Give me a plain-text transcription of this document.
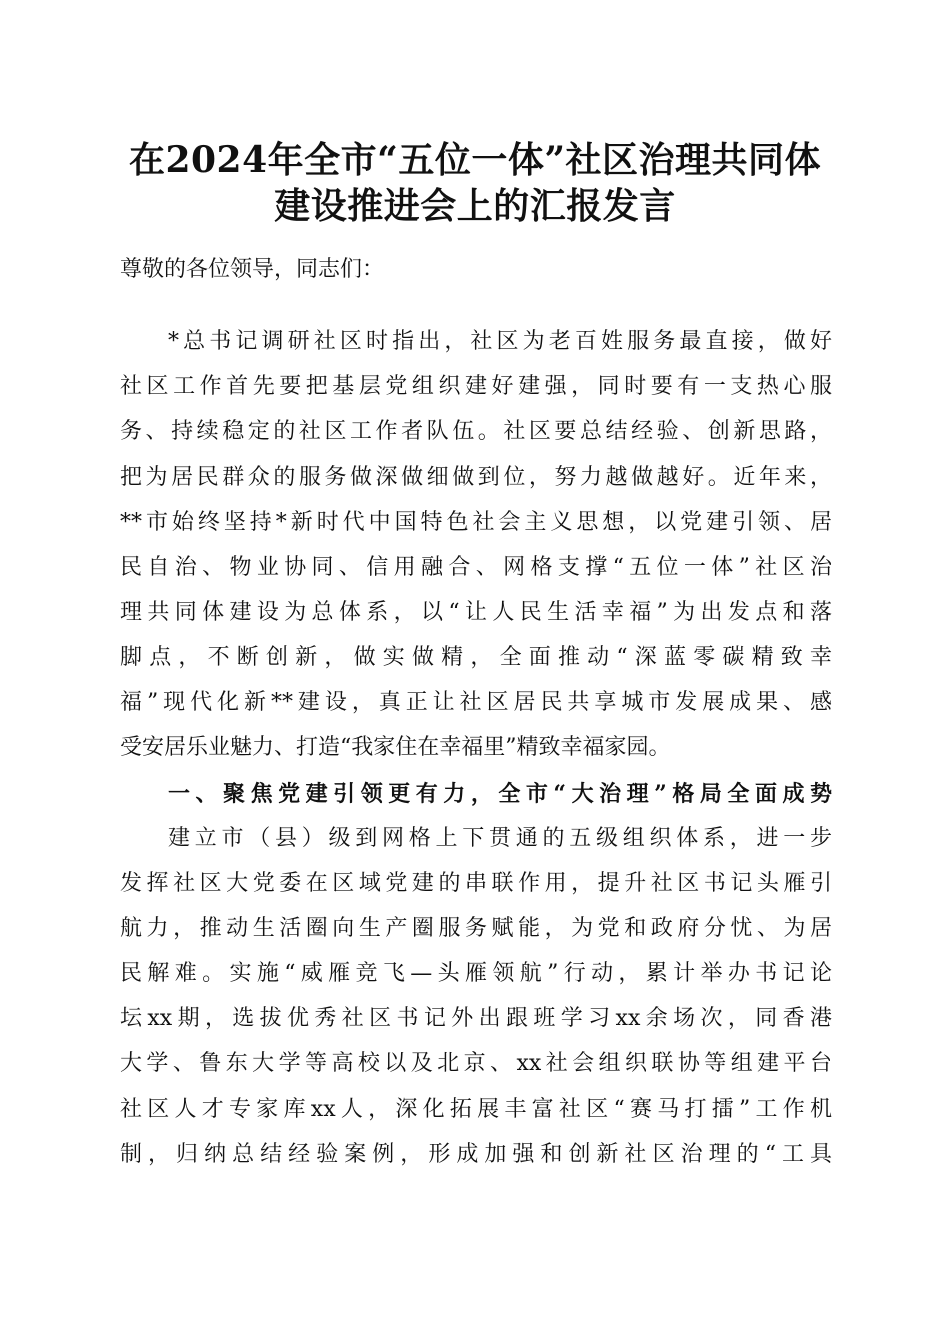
在2024年全市“五位一体”社区治理共同体
建设推进会上的汇报发言
尊敬的各位领导，同志们：
*总书记调研社区时指出，社区为老百姓服务最直接，做好
社区工作首先要把基层党组织建好建强，同时要有一支热心服
务、持续稳定的社区工作者队伍。社区要总结经验、创新思路，
把为居民群众的服务做深做细做到位，努力越做越好。近年来，
**市始终坚持*新时代中国特色社会主义思想，以党建引领、居
民自治、物业协同、信用融合、网格支撑“五位一体”社区治
理共同体建设为总体系，以“让人民生活幸福”为出发点和落
脚点，不断创新，做实做精，全面推动“深蓝零碳精致幸
福”现代化新**建设，真正让社区居民共享城市发展成果、感
受安居乐业魅力、打造“我家住在幸福里”精致幸福家园。
一、聚焦党建引领更有力，全市“大治理”格局全面成势
建立市（县）级到网格上下贯通的五级组织体系，进一步
发挥社区大党委在区域党建的串联作用，提升社区书记头雁引
航力，推动生活圈向生产圈服务赋能，为党和政府分忧、为居
民解难。实施“威雁竞飞—头雁领航”行动，累计举办书记论
坛xx期，选拔优秀社区书记外出跟班学习xx余场次，同香港
大学、鲁东大学等高校以及北京、xx社会组织联协等组建平台
社区人才专家库xx人，深化拓展丰富社区“赛马打擂”工作机
制，归纳总结经验案例，形成加强和创新社区治理的“工具
